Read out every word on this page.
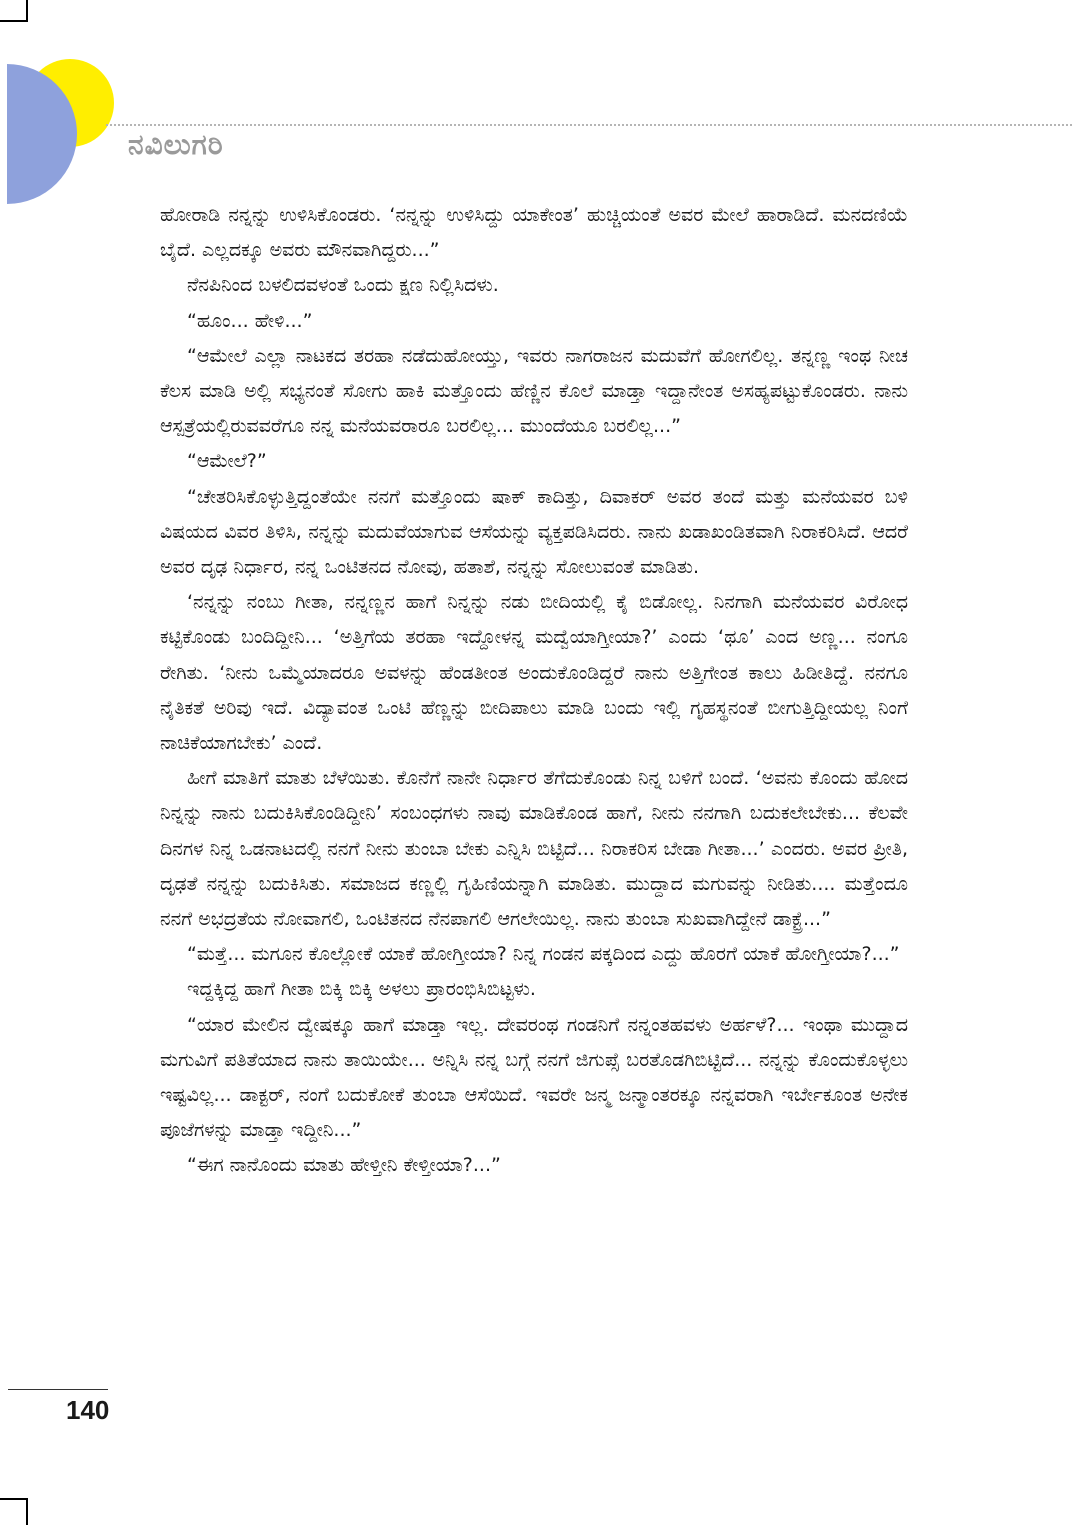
ನವಿಲುಗರಿ

ಹೋರಾಡಿ ನನ್ನನ್ನು ಉಳಿಸಿಕೊಂಡರು. ‘ನನ್ನನ್ನು ಉಳಿಸಿದ್ದು ಯಾಕೇಂತ’ ಹುಚ್ಚಿಯಂತೆ ಅವರ ಮೇಲೆ ಹಾರಾಡಿದೆ. ಮನದಣಿಯೆ ಬೈದೆ. ಎಲ್ಲದಕ್ಕೂ ಅವರು ಮೌನವಾಗಿದ್ದರು...”

ನೆನಪಿನಿಂದ ಬಳಲಿದವಳಂತೆ ಒಂದು ಕ್ಷಣ ನಿಲ್ಲಿಸಿದಳು.

“ಹೂಂ... ಹೇಳಿ...”

“ಆಮೇಲೆ ಎಲ್ಲಾ ನಾಟಕದ ತರಹಾ ನಡೆದುಹೋಯ್ತು, ಇವರು ನಾಗರಾಜನ ಮದುವೆಗೆ ಹೋಗಲಿಲ್ಲ. ತನ್ನಣ್ಣ ಇಂಥ ನೀಚ ಕೆಲಸ ಮಾಡಿ ಅಲ್ಲಿ ಸಭ್ಯನಂತೆ ಸೋಗು ಹಾಕಿ ಮತ್ತೊಂದು ಹೆಣ್ಣಿನ ಕೊಲೆ ಮಾಡ್ತಾ ಇದ್ದಾನೇಂತ ಅಸಹ್ಯಪಟ್ಟುಕೊಂಡರು. ನಾನು ಆಸ್ಪತ್ರೆಯಲ್ಲಿರುವವರೆಗೂ ನನ್ನ ಮನೆಯವರಾರೂ ಬರಲಿಲ್ಲ... ಮುಂದೆಯೂ ಬರಲಿಲ್ಲ...”

“ಆಮೇಲೆ?”

“ಚೇತರಿಸಿಕೊಳ್ಳುತ್ತಿದ್ದಂತೆಯೇ ನನಗೆ ಮತ್ತೊಂದು ಷಾಕ್ ಕಾದಿತ್ತು, ದಿವಾಕರ್ ಅವರ ತಂದೆ ಮತ್ತು ಮನೆಯವರ ಬಳಿ ವಿಷಯದ ವಿವರ ತಿಳಿಸಿ, ನನ್ನನ್ನು ಮದುವೆಯಾಗುವ ಆಸೆಯನ್ನು ವ್ಯಕ್ತಪಡಿಸಿದರು. ನಾನು ಖಡಾಖಂಡಿತವಾಗಿ ನಿರಾಕರಿಸಿದೆ. ಆದರೆ ಅವರ ದೃಢ ನಿರ್ಧಾರ, ನನ್ನ ಒಂಟಿತನದ ನೋವು, ಹತಾಶೆ, ನನ್ನನ್ನು ಸೋಲುವಂತೆ ಮಾಡಿತು.

‘ನನ್ನನ್ನು ನಂಬು ಗೀತಾ, ನನ್ನಣ್ಣನ ಹಾಗೆ ನಿನ್ನನ್ನು ನಡು ಬೀದಿಯಲ್ಲಿ ಕೈ ಬಿಡೋಲ್ಲ. ನಿನಗಾಗಿ ಮನೆಯವರ ವಿರೋಧ ಕಟ್ಟಿಕೊಂಡು ಬಂದಿದ್ದೀನಿ... ‘ಅತ್ತಿಗೆಯ ತರಹಾ ಇದ್ದೋಳನ್ನ ಮದ್ವೆಯಾಗ್ತೀಯಾ?’ ಎಂದು ‘ಥೂ’ ಎಂದ ಅಣ್ಣ... ನಂಗೂ ರೇಗಿತು. ‘ನೀನು ಒಮ್ಮೆಯಾದರೂ ಅವಳನ್ನು ಹೆಂಡತೀಂತ ಅಂದುಕೊಂಡಿದ್ದರೆ ನಾನು ಅತ್ತಿಗೇಂತ ಕಾಲು ಹಿಡೀತಿದ್ದೆ. ನನಗೂ ನೈತಿಕತೆ ಅರಿವು ಇದೆ. ವಿದ್ಯಾವಂತ ಒಂಟಿ ಹೆಣ್ಣನ್ನು ಬೀದಿಪಾಲು ಮಾಡಿ ಬಂದು ಇಲ್ಲಿ ಗೃಹಸ್ಥನಂತೆ ಬೀಗುತ್ತಿದ್ದೀಯಲ್ಲ ನಿಂಗೆ ನಾಚಿಕೆಯಾಗಬೇಕು’ ಎಂದೆ.

ಹೀಗೆ ಮಾತಿಗೆ ಮಾತು ಬೆಳೆಯಿತು. ಕೊನೆಗೆ ನಾನೇ ನಿರ್ಧಾರ ತೆಗೆದುಕೊಂಡು ನಿನ್ನ ಬಳಿಗೆ ಬಂದೆ. ‘ಅವನು ಕೊಂದು ಹೋದ ನಿನ್ನನ್ನು ನಾನು ಬದುಕಿಸಿಕೊಂಡಿದ್ದೀನಿ’ ಸಂಬಂಧಗಳು ನಾವು ಮಾಡಿಕೊಂಡ ಹಾಗೆ, ನೀನು ನನಗಾಗಿ ಬದುಕಲೇಬೇಕು... ಕೆಲವೇ ದಿನಗಳ ನಿನ್ನ ಒಡನಾಟದಲ್ಲಿ ನನಗೆ ನೀನು ತುಂಬಾ ಬೇಕು ಎನ್ನಿಸಿ ಬಿಟ್ಟಿದೆ... ನಿರಾಕರಿಸ ಬೇಡಾ ಗೀತಾ...’ ಎಂದರು. ಅವರ ಪ್ರೀತಿ, ದೃಢತೆ ನನ್ನನ್ನು ಬದುಕಿಸಿತು. ಸಮಾಜದ ಕಣ್ಣಲ್ಲಿ ಗೃಹಿಣಿಯನ್ನಾಗಿ ಮಾಡಿತು. ಮುದ್ದಾದ ಮಗುವನ್ನು ನೀಡಿತು.... ಮತ್ತೆಂದೂ ನನಗೆ ಅಭದ್ರತೆಯ ನೋವಾಗಲಿ, ಒಂಟಿತನದ ನೆನಪಾಗಲಿ ಆಗಲೇಯಿಲ್ಲ. ನಾನು ತುಂಬಾ ಸುಖವಾಗಿದ್ದೇನೆ ಡಾಕ್ಟ್ರೆ...”

“ಮತ್ತೆ... ಮಗೂನ ಕೊಲ್ಲೋಕೆ ಯಾಕೆ ಹೋಗ್ತೀಯಾ? ನಿನ್ನ ಗಂಡನ ಪಕ್ಕದಿಂದ ಎದ್ದು ಹೊರಗೆ ಯಾಕೆ ಹೋಗ್ತೀಯಾ?...”

ಇದ್ದಕ್ಕಿದ್ದ ಹಾಗೆ ಗೀತಾ ಬಿಕ್ಕಿ ಬಿಕ್ಕಿ ಅಳಲು ಪ್ರಾರಂಭಿಸಿಬಿಟ್ಟಳು.

“ಯಾರ ಮೇಲಿನ ದ್ವೇಷಕ್ಕೂ ಹಾಗೆ ಮಾಡ್ತಾ ಇಲ್ಲ. ದೇವರಂಥ ಗಂಡನಿಗೆ ನನ್ನಂತಹವಳು ಅರ್ಹಳೆ?... ಇಂಥಾ ಮುದ್ದಾದ ಮಗುವಿಗೆ ಪತಿತೆಯಾದ ನಾನು ತಾಯಿಯೇ... ಅನ್ನಿಸಿ ನನ್ನ ಬಗ್ಗೆ ನನಗೆ ಜಿಗುಪ್ಸೆ ಬರತೊಡಗಿಬಿಟ್ಟಿದೆ... ನನ್ನನ್ನು ಕೊಂದುಕೊಳ್ಳಲು ಇಷ್ಟವಿಲ್ಲ... ಡಾಕ್ಟರ್, ನಂಗೆ ಬದುಕೋಕೆ ತುಂಬಾ ಆಸೆಯಿದೆ. ಇವರೇ ಜನ್ಮ ಜನ್ಮಾಂತರಕ್ಕೂ ನನ್ನವರಾಗಿ ಇರ್ಬೇಕೂಂತ ಅನೇಕ ಪೂಜೆಗಳನ್ನು ಮಾಡ್ತಾ ಇದ್ದೀನಿ...”

“ಈಗ ನಾನೊಂದು ಮಾತು ಹೇಳ್ತೀನಿ ಕೇಳ್ತೀಯಾ?...”

140
